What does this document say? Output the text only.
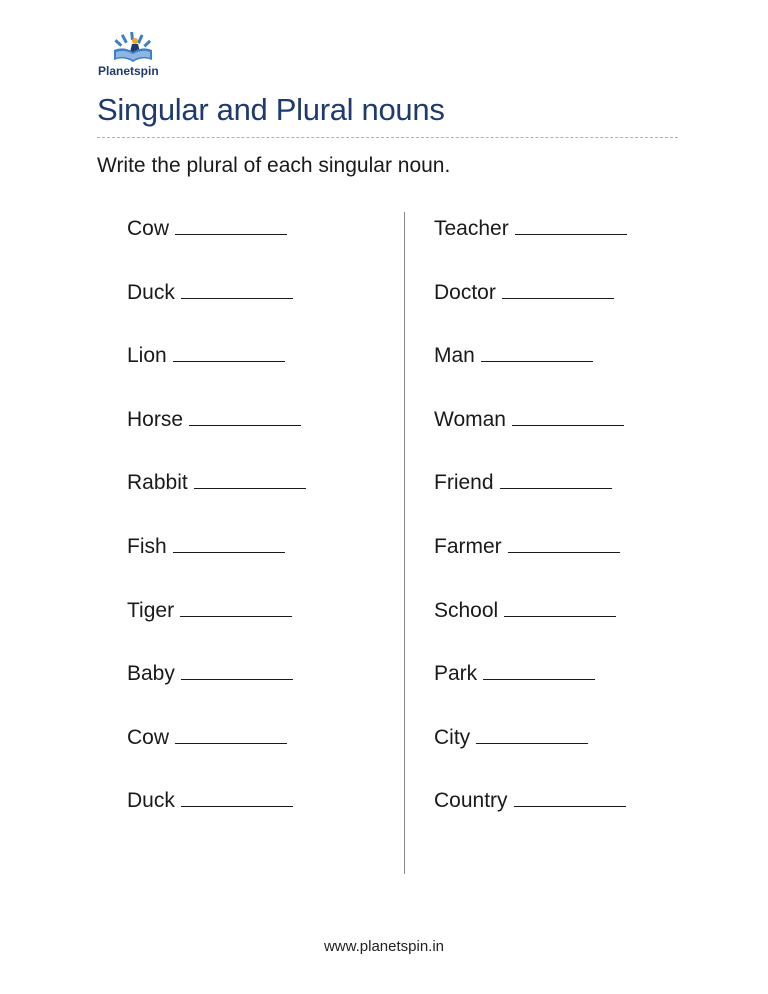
Planetspin
Singular and Plural nouns
Write the plural of each singular noun.
Cow
Duck
Lion
Horse
Rabbit
Fish
Tiger
Baby
Cow
Duck
Teacher
Doctor
Man
Woman
Friend
Farmer
School
Park
City
Country
www.planetspin.in
